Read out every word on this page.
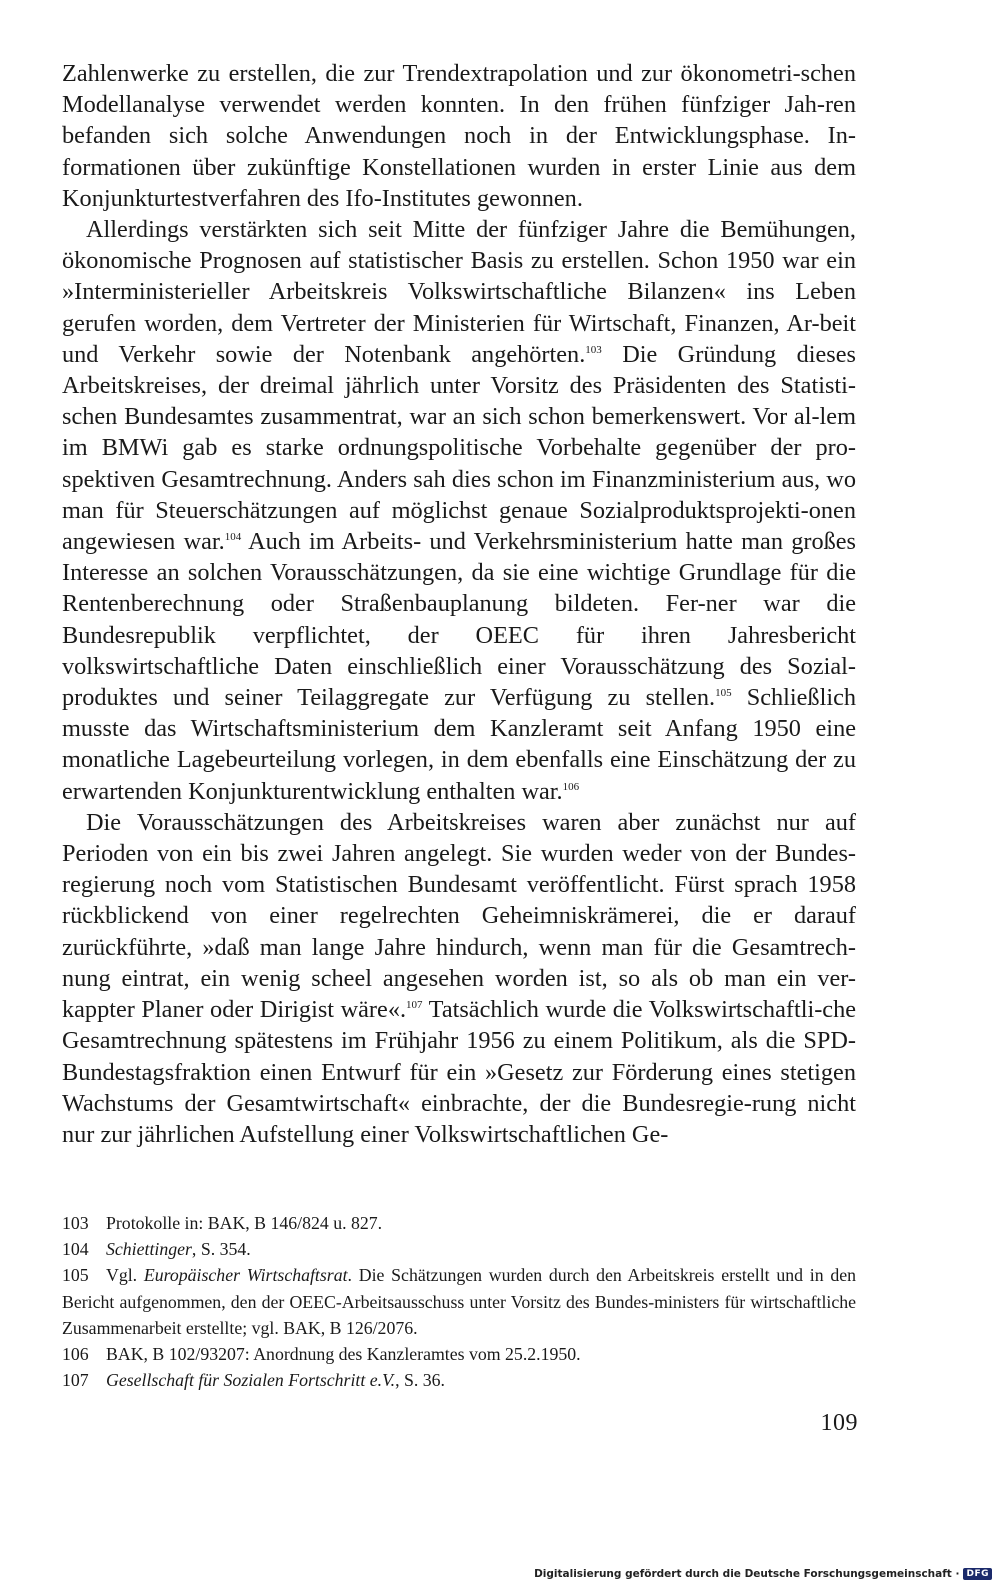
Zahlenwerke zu erstellen, die zur Trendextrapolation und zur ökonometri-schen Modellanalyse verwendet werden konnten. In den frühen fünfziger Jah-ren befanden sich solche Anwendungen noch in der Entwicklungsphase. In-formationen über zukünftige Konstellationen wurden in erster Linie aus dem Konjunkturtestverfahren des Ifo-Institutes gewonnen.

Allerdings verstärkten sich seit Mitte der fünfziger Jahre die Bemühungen, ökonomische Prognosen auf statistischer Basis zu erstellen. Schon 1950 war ein »Interministerieller Arbeitskreis Volkswirtschaftliche Bilanzen« ins Leben gerufen worden, dem Vertreter der Ministerien für Wirtschaft, Finanzen, Ar-beit und Verkehr sowie der Notenbank angehörten.$^{103}$ Die Gründung dieses Arbeitskreises, der dreimal jährlich unter Vorsitz des Präsidenten des Statisti-schen Bundesamtes zusammentrat, war an sich schon bemerkenswert. Vor al-lem im BMWi gab es starke ordnungspolitische Vorbehalte gegenüber der pro-spektiven Gesamtrechnung. Anders sah dies schon im Finanzministerium aus, wo man für Steuerschätzungen auf möglichst genaue Sozialproduktsprojekti-onen angewiesen war.$^{104}$ Auch im Arbeits- und Verkehrsministerium hatte man großes Interesse an solchen Vorausschätzungen, da sie eine wichtige Grundlage für die Rentenberechnung oder Straßenbauplanung bildeten. Fer-ner war die Bundesrepublik verpflichtet, der OEEC für ihren Jahresbericht volkswirtschaftliche Daten einschließlich einer Vorausschätzung des Sozial-produktes und seiner Teilaggregate zur Verfügung zu stellen.$^{105}$ Schließlich musste das Wirtschaftsministerium dem Kanzleramt seit Anfang 1950 eine monatliche Lagebeurteilung vorlegen, in dem ebenfalls eine Einschätzung der zu erwartenden Konjunkturentwicklung enthalten war.$^{106}$

Die Vorausschätzungen des Arbeitskreises waren aber zunächst nur auf Perioden von ein bis zwei Jahren angelegt. Sie wurden weder von der Bundes-regierung noch vom Statistischen Bundesamt veröffentlicht. Fürst sprach 1958 rückblickend von einer regelrechten Geheimniskrämerei, die er darauf zurückführte, »daß man lange Jahre hindurch, wenn man für die Gesamtrech-nung eintrat, ein wenig scheel angesehen worden ist, so als ob man ein ver-kappter Planer oder Dirigist wäre«.$^{107}$ Tatsächlich wurde die Volkswirtschaftli-che Gesamtrechnung spätestens im Frühjahr 1956 zu einem Politikum, als die SPD-Bundestagsfraktion einen Entwurf für ein »Gesetz zur Förderung eines stetigen Wachstums der Gesamtwirtschaft« einbrachte, der die Bundesregie-rung nicht nur zur jährlichen Aufstellung einer Volkswirtschaftlichen Ge-

103 Protokolle in: BAK, B 146/824 u. 827.
104 Schiettinger, S. 354.
105 Vgl. Europäischer Wirtschaftsrat. Die Schätzungen wurden durch den Arbeitskreis erstellt und in den Bericht aufgenommen, den der OEEC-Arbeitsausschuss unter Vorsitz des Bundes-ministers für wirtschaftliche Zusammenarbeit erstellte; vgl. BAK, B 126/2076.
106 BAK, B 102/93207: Anordnung des Kanzleramtes vom 25.2.1950.
107 Gesellschaft für Sozialen Fortschritt e.V., S. 36.
109
Digitalisierung gefördert durch die Deutsche Forschungsgemeinschaft · DFG
